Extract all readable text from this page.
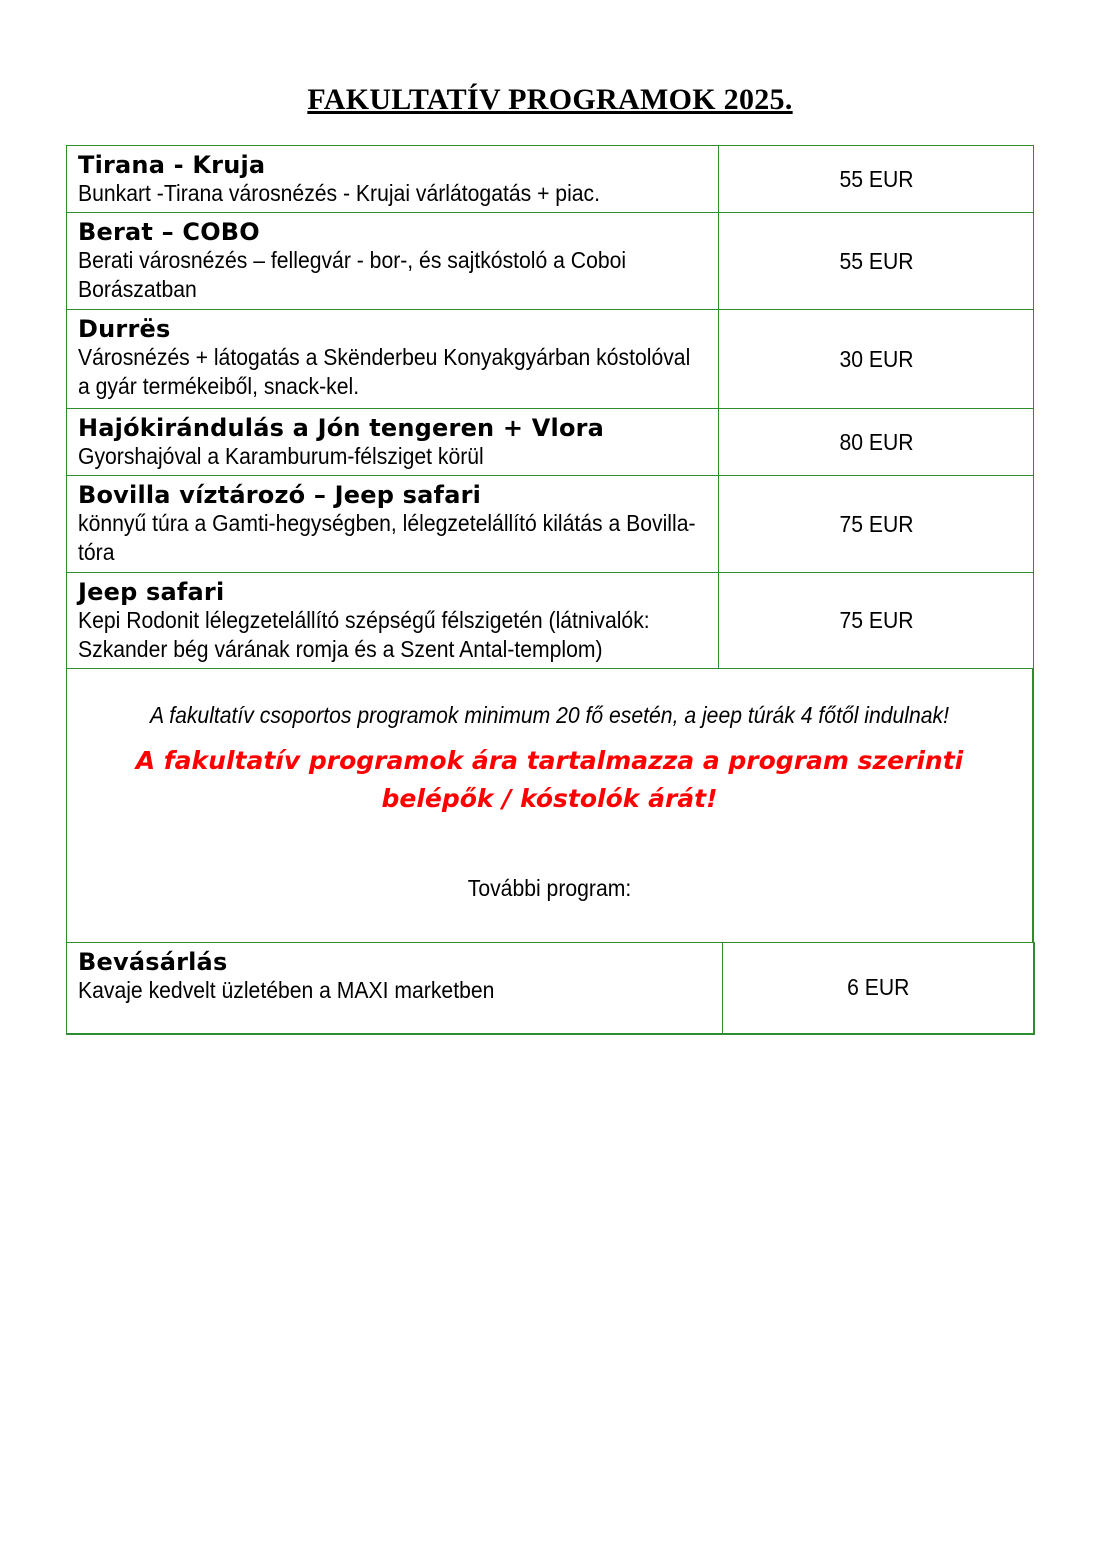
FAKULTATÍV PROGRAMOK 2025.
Tirana - Kruja
Bunkart -Tirana városnézés - Krujai várlátogatás + piac.	55 EUR

Berat – COBO
Berati városnézés – fellegvár - bor-, és sajtkóstoló a Coboi Borászatban	55 EUR

Durrës
Városnézés + látogatás a Skënderbeu Konyakgyárban kóstolóval a gyár termékeiből, snack-kel.	30 EUR

Hajókirándulás a Jón tengeren + Vlora
Gyorshajóval a Karamburum-félsziget körül	80 EUR

Bovilla víztározó – Jeep safari
könnyű túra a Gamti-hegységben, lélegzetelállító kilátás a Bovilla-tóra	75 EUR

Jeep safari
Kepi Rodonit lélegzetelállító szépségű félszigetén (látnivalók: Szkander bég várának romja és a Szent Antal-templom)	75 EUR
A fakultatív csoportos programok minimum 20 fő esetén, a jeep túrák 4 főtől indulnak!
A fakultatív programok ára tartalmazza a program szerinti belépők / kóstolók árát!
További program:
Bevásárlás
Kavaje kedvelt üzletében a MAXI marketben	6 EUR
